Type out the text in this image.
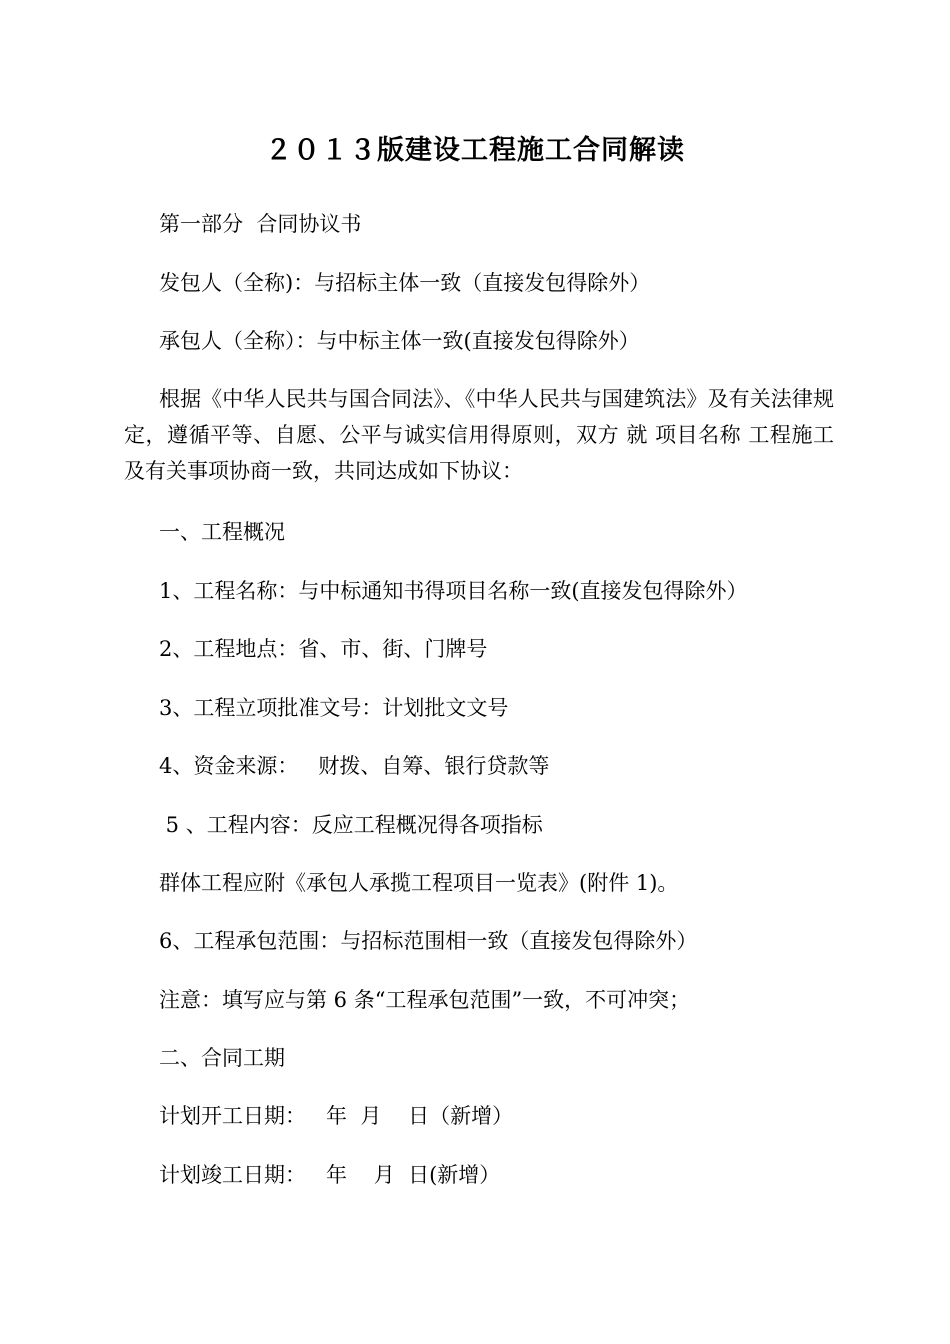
２０１３版建设工程施工合同解读
第一部分  合同协议书
发包人（全称)：与招标主体一致（直接发包得除外）
承包人（全称）：与中标主体一致(直接发包得除外）
根据《中华人民共与国合同法》、《中华人民共与国建筑法》及有关法律规定，遵循平等、自愿、公平与诚实信用得原则，双方 就 项目名称 工程施工及有关事项协商一致，共同达成如下协议：
一、工程概况
1、工程名称：与中标通知书得项目名称一致(直接发包得除外）
2、工程地点：省、市、街、门牌号
3、工程立项批准文号：计划批文文号
4、资金来源：   财拨、自筹、银行贷款等
5 、工程内容：反应工程概况得各项指标
群体工程应附《承包人承揽工程项目一览表》(附件 1)。
6、工程承包范围：与招标范围相一致（直接发包得除外）
注意：填写应与第 6 条“工程承包范围”一致，不可冲突；
二、合同工期
计划开工日期：   年  月    日（新增）
计划竣工日期：   年    月  日(新增）
